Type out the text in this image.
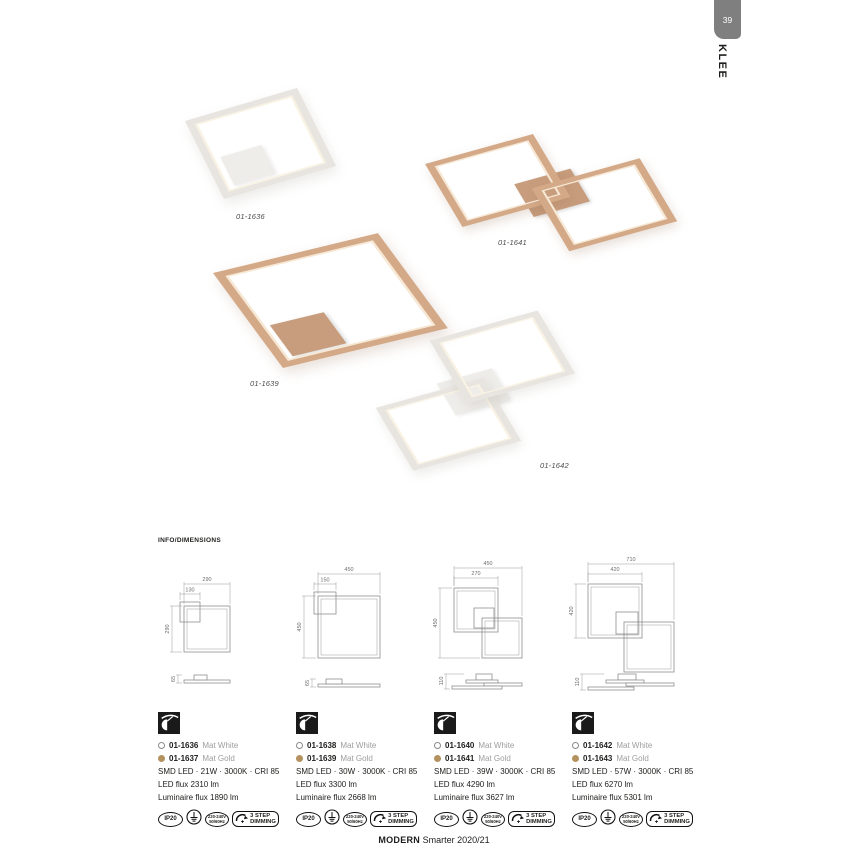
39
KLEE
01-1636
01-1641
01-1639
01-1642
INFO/DIMENSIONS
290
130
290
65
450
150
450
65
450
270
450
110
710
420
420
110
01-1636 Mat White
01-1637 Mat Gold
SMD LED · 21W · 3000K · CRI 85
LED flux 2310 lm
Luminaire flux 1890 lm
IP20	220-240V
50/60Hz
3 STEP
DIMMING
01-1638 Mat White
01-1639 Mat Gold
SMD LED · 30W · 3000K · CRI 85
LED flux 3300 lm
Luminaire flux 2668 lm
IP20	220-240V
50/60Hz
3 STEP
DIMMING
01-1640 Mat White
01-1641 Mat Gold
SMD LED · 39W · 3000K · CRI 85
LED flux 4290 lm
Luminaire flux 3627 lm
IP20	220-240V
50/60Hz
3 STEP
DIMMING
01-1642 Mat White
01-1643 Mat Gold
SMD LED · 57W · 3000K · CRI 85
LED flux 6270 lm
Luminaire flux 5301 lm
IP20	220-240V
50/60Hz
3 STEP
DIMMING
MODERN Smarter 2020/21
